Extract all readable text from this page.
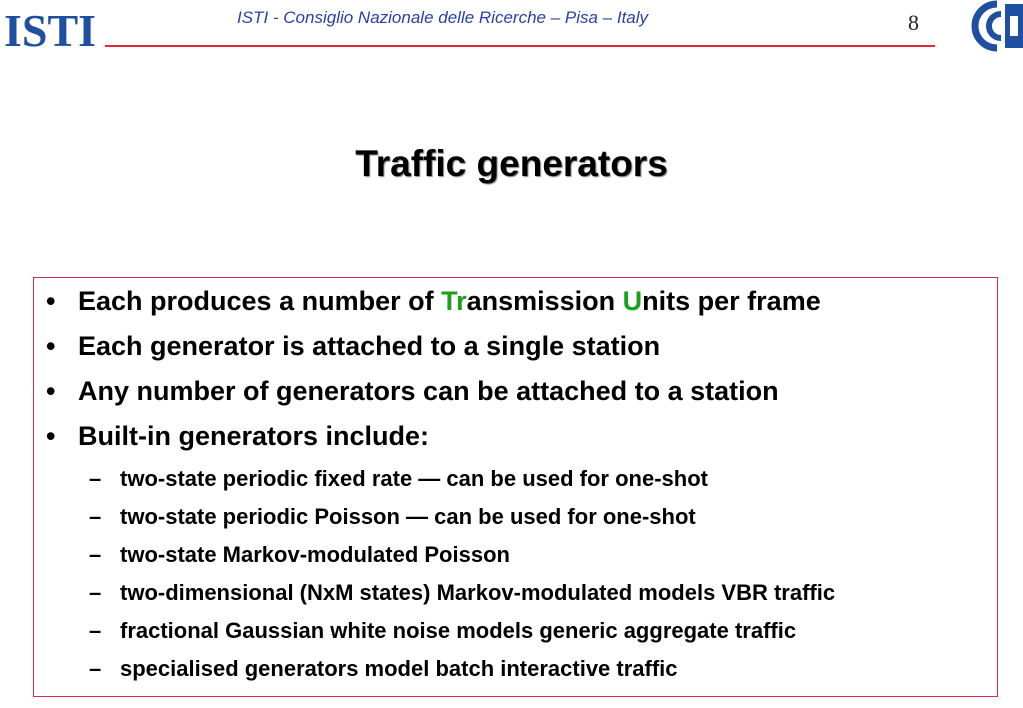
ISTI	ISTI - Consiglio Nazionale delle Ricerche – Pisa – Italy	8
Traffic generators
• Each produces a number of Transmission Units per frame
• Each generator is attached to a single station
• Any number of generators can be attached to a station
• Built-in generators include:
– two-state periodic fixed rate — can be used for one-shot
– two-state periodic Poisson — can be used for one-shot
– two-state Markov-modulated Poisson
– two-dimensional (NxM states) Markov-modulated models VBR traffic
– fractional Gaussian white noise models generic aggregate traffic
– specialised generators model batch interactive traffic
